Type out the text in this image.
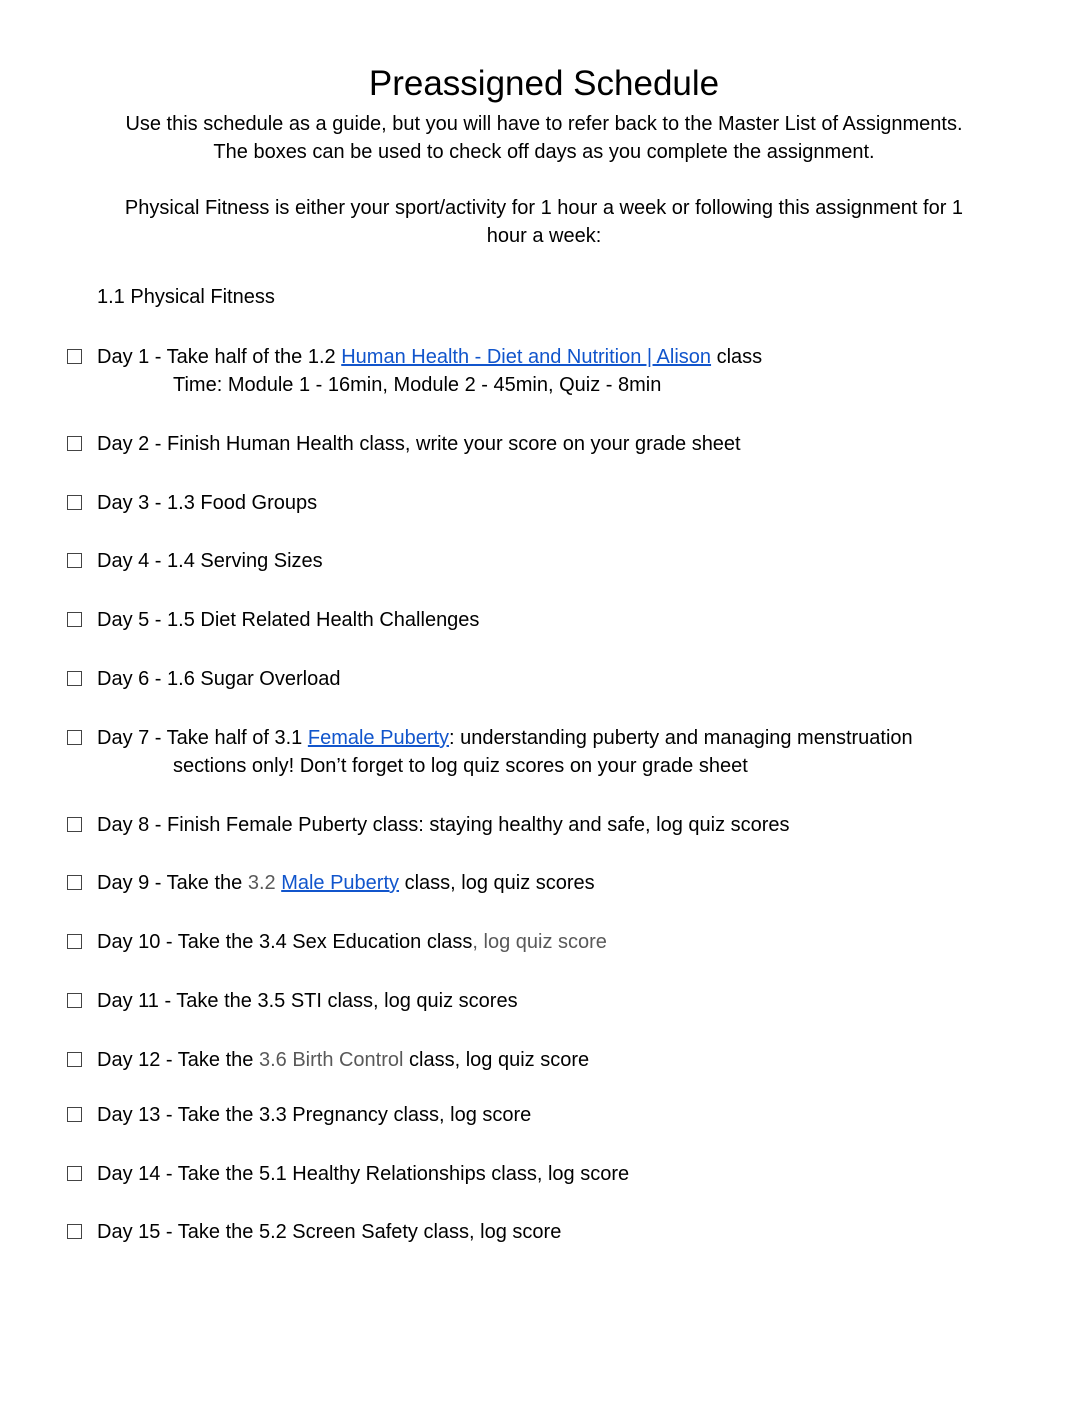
Preassigned Schedule
Use this schedule as a guide, but you will have to refer back to the Master List of Assignments.
The boxes can be used to check off days as you complete the assignment.
Physical Fitness is either your sport/activity for 1 hour a week or following this assignment for 1
hour a week:
1.1 Physical Fitness
Day 1 - Take half of the 1.2 Human Health - Diet and Nutrition | Alison class
Time: Module 1 - 16min, Module 2 - 45min, Quiz - 8min
Day 2 - Finish Human Health class, write your score on your grade sheet
Day 3 - 1.3 Food Groups
Day 4 - 1.4 Serving Sizes
Day 5 - 1.5 Diet Related Health Challenges
Day 6 - 1.6 Sugar Overload
Day 7 - Take half of 3.1 Female Puberty: understanding puberty and managing menstruation
sections only! Don’t forget to log quiz scores on your grade sheet
Day 8 - Finish Female Puberty class: staying healthy and safe, log quiz scores
Day 9 - Take the 3.2 Male Puberty class, log quiz scores
Day 10 - Take the 3.4 Sex Education class, log quiz score
Day 11 - Take the 3.5 STI class, log quiz scores
Day 12 - Take the 3.6 Birth Control class, log quiz score
Day 13 - Take the 3.3 Pregnancy class, log score
Day 14 - Take the 5.1 Healthy Relationships class, log score
Day 15 - Take the 5.2 Screen Safety class, log score
